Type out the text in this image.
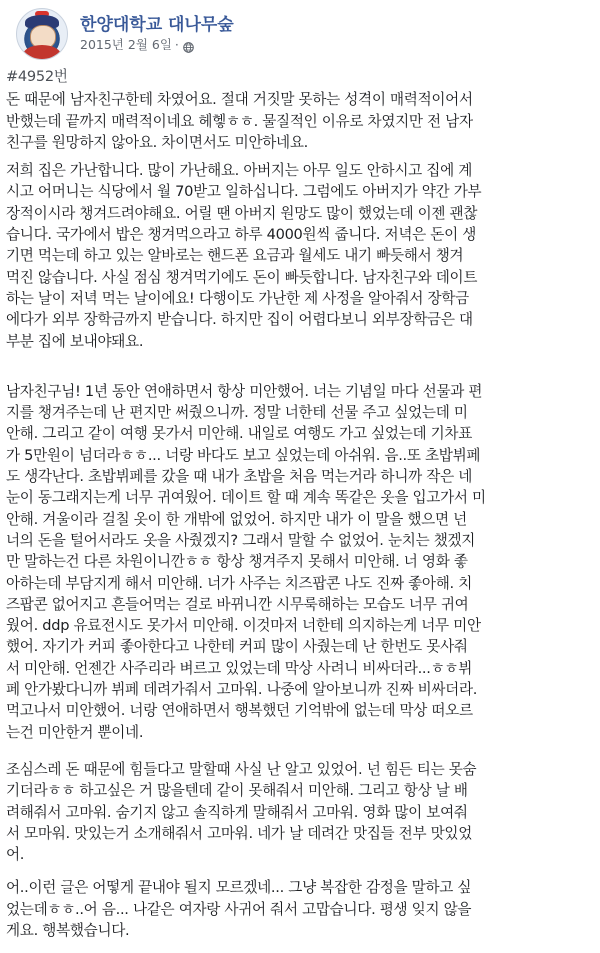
한양대학교 대나무숲
2015년 2월 6일 ·

#4952번

돈 때문에 남자친구한테 차였어요. 절대 거짓말 못하는 성격이 매력적이어서
반했는데 끝까지 매력적이네요 헤헿ㅎㅎ. 물질적인 이유로 차였지만 전 남자
친구를 원망하지 않아요. 차이면서도 미안하네요.

저희 집은 가난합니다. 많이 가난해요. 아버지는 아무 일도 안하시고 집에 계
시고 어머니는 식당에서 월 70받고 일하십니다. 그럼에도 아버지가 약간 가부
장적이시라 챙겨드려야해요. 어릴 땐 아버지 원망도 많이 했었는데 이젠 괜찮
습니다. 국가에서 밥은 챙겨먹으라고 하루 4000원씩 줍니다. 저녁은 돈이 생
기면 먹는데 하고 있는 알바로는 핸드폰 요금과 월세도 내기 빠듯해서 챙겨
먹진 않습니다. 사실 점심 챙겨먹기에도 돈이 빠듯합니다. 남자친구와 데이트
하는 날이 저녁 먹는 날이에요! 다행이도 가난한 제 사정을 알아줘서 장학금
에다가 외부 장학금까지 받습니다. 하지만 집이 어렵다보니 외부장학금은 대
부분 집에 보내야돼요.

남자친구님! 1년 동안 연애하면서 항상 미안했어. 너는 기념일 마다 선물과 편
지를 챙겨주는데 난 편지만 써줬으니까. 정말 너한테 선물 주고 싶었는데 미
안해. 그리고 같이 여행 못가서 미안해. 내일로 여행도 가고 싶었는데 기차표
가 5만원이 넘더라ㅎㅎ... 너랑 바다도 보고 싶었는데 아쉬워. 음..또 초밥뷔페
도 생각난다. 초밥뷔페를 갔을 때 내가 초밥을 처음 먹는거라 하니까 작은 네
눈이 동그래지는게 너무 귀여웠어. 데이트 할 때 계속 똑같은 옷을 입고가서 미
안해. 겨울이라 걸칠 옷이 한 개밖에 없었어. 하지만 내가 이 말을 했으면 넌
너의 돈을 털어서라도 옷을 사줬겠지? 그래서 말할 수 없었어. 눈치는 챘겠지
만 말하는건 다른 차원이니깐ㅎㅎ 항상 챙겨주지 못해서 미안해. 너 영화 좋
아하는데 부담지게 해서 미안해. 너가 사주는 치즈팝콘 나도 진짜 좋아해. 치
즈팝콘 없어지고 흔들어먹는 걸로 바뀌니깐 시무룩해하는 모습도 너무 귀여
웠어. ddp 유료전시도 못가서 미안해. 이것마저 너한테 의지하는게 너무 미안
했어. 자기가 커피 좋아한다고 나한테 커피 많이 사줬는데 난 한번도 못사줘
서 미안해. 언젠간 사주리라 벼르고 있었는데 막상 사려니 비싸더라...ㅎㅎ뷔
페 안가봤다니까 뷔페 데려가줘서 고마워. 나중에 알아보니까 진짜 비싸더라.
먹고나서 미안했어. 너랑 연애하면서 행복했던 기억밖에 없는데 막상 떠오르
는건 미안한거 뿐이네.

조심스레 돈 때문에 힘들다고 말할때 사실 난 알고 있었어. 넌 힘든 티는 못숨
기더라ㅎㅎ 하고싶은 거 많을텐데 같이 못해줘서 미안해. 그리고 항상 날 배
려해줘서 고마워. 숨기지 않고 솔직하게 말해줘서 고마워. 영화 많이 보여줘
서 모마워. 맛있는거 소개해줘서 고마워. 네가 날 데려간 맛집들 전부 맛있었
어.

어..이런 글은 어떻게 끝내야 될지 모르겠네... 그냥 복잡한 감정을 말하고 싶
었는데ㅎㅎ..어 음... 나같은 여자랑 사귀어 줘서 고맙습니다. 평생 잊지 않을
게요. 행복했습니다.
